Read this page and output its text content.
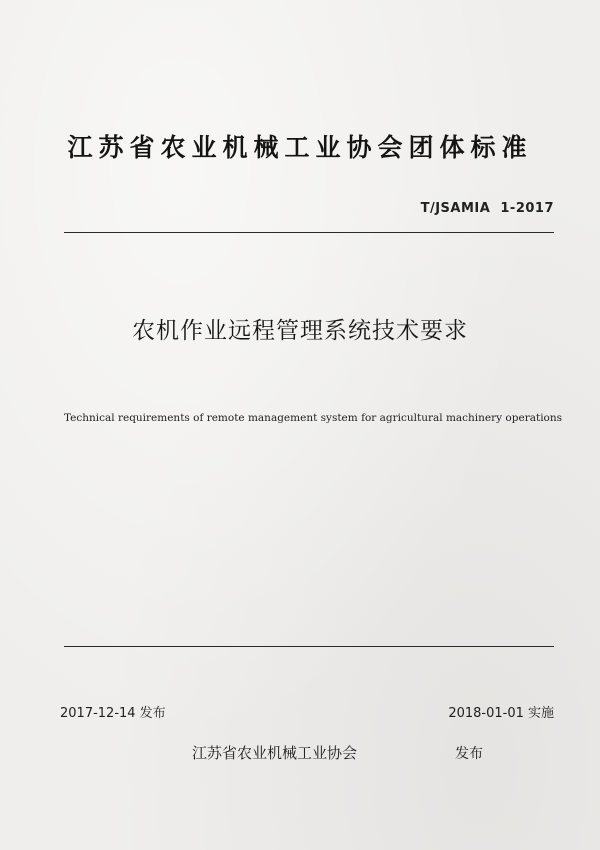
江苏省农业机械工业协会团体标准
T/JSAMIA  1-2017
农机作业远程管理系统技术要求
Technical requirements of remote management system for agricultural machinery operations
2017-12-14 发布	2018-01-01 实施
江苏省农业机械工业协会	发布
